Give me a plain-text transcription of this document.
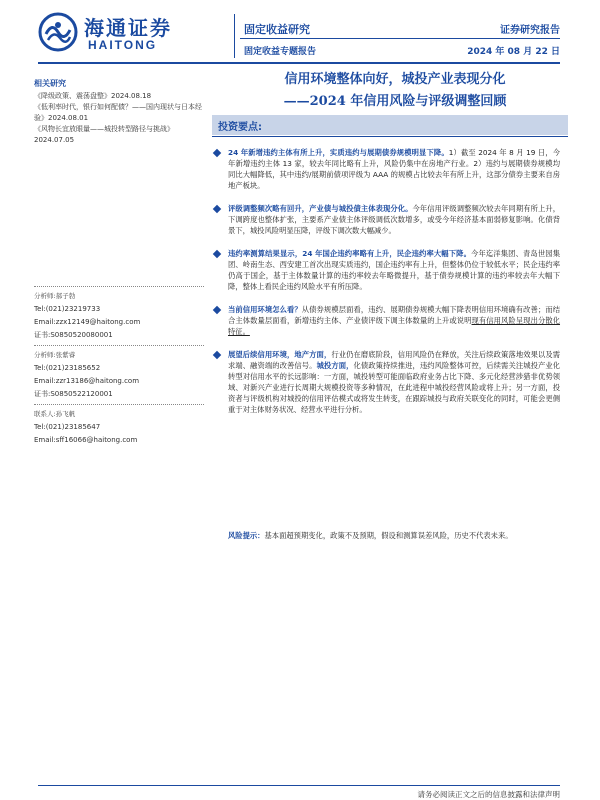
海通证券
HAITONG
固定收益研究
固定收益专题报告
证券研究报告
2024 年 08 月 22 日
相关研究
《降级政策、震荡盘整》2024.08.18
《低利率时代，银行如何配债？——国内现状与日本经验》2024.08.01
《风物长宜放眼量——城投转型路径与挑战》2024.07.05
分析师:郝子勃
Tel:(021)23219733
Email:zzx12149@haitong.com
证书:S0850520080001
分析师:张紫睿
Tel:(021)23185652
Email:zzr13186@haitong.com
证书:S0850522120001
联系人:孙飞帆
Tel:(021)23185647
Email:sff16066@haitong.com
信用环境整体向好，城投产业表现分化
——2024 年信用风险与评级调整回顾
投资要点:
24 年新增违约主体有所上升，实质违约与展期债券规模明显下降。1）截至 2024 年 8 月 19 日，今年新增违约主体 13 家，较去年同比略有上升，风险仍集中在房地产行业。2）违约与展期债券规模均同比大幅降低，其中违约/展期前债项评级为 AAA 的规模占比较去年有所上升，这部分债券主要来自房地产板块。
评级调整频次略有回升，产业债与城投债主体表现分化。今年信用评级调整频次较去年同期有所上升，下调跨度也整体扩张，主要系产业债主体评级调低次数增多，或受今年经济基本面弱修复影响。化债背景下，城投风险明显压降，评级下调次数大幅减少。
违约率测算结果显示，24 年国企违约率略有上升，民企违约率大幅下降。今年迄洋集团、青岛世园集团、岭南生态、西安建工首次出现实质违约，国企违约率有上升，但整体仍位于较低水平；民企违约率仍高于国企，基于主体数量计算的违约率较去年略微提升，基于债券规模计算的违约率较去年大幅下降，整体上看民企违约风险水平有所压降。
当前信用环境怎么看？从债券规模层面看，违约、展期债券规模大幅下降表明信用环境确有改善；而结合主体数量层面看，新增违约主体、产业债评级下调主体数量的上升或说明现有信用风险呈现出分散化特征。
展望后续信用环境，地产方面，行业仍在磨底阶段，信用风险仍在释放，关注后续政策落地效果以及需求端、融资端的改善信号。城投方面，化债政策持续推进，违约风险整体可控，后续需关注城投产业化转型对信用水平的长远影响：一方面，城投转型可能面临政府业务占比下降、多元化经营涉猎非优势领域、对新兴产业进行长周期大规模投资等多种情况，在此进程中城投经营风险或将上升；另一方面，投资者与评级机构对城投的信用评估模式或将发生转变，在跟踪城投与政府关联变化的同时，可能会更侧重于对主体财务状况、经营水平进行分析。
风险提示：基本面超预期变化，政策不及预期，假设和测算误差风险，历史不代表未来。
请务必阅读正文之后的信息披露和法律声明
